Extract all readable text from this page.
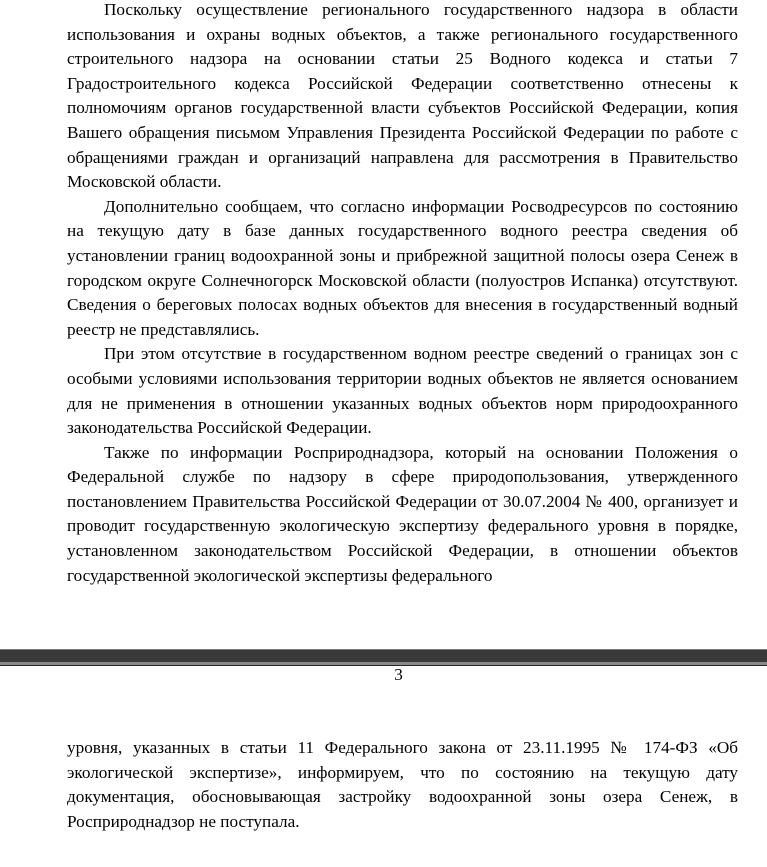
Поскольку осуществление регионального государственного надзора в области использования и охраны водных объектов, а также регионального государственного строительного надзора на основании статьи 25 Водного кодекса и статьи 7 Градостроительного кодекса Российской Федерации соответственно отнесены к полномочиям органов государственной власти субъектов Российской Федерации, копия Вашего обращения письмом Управления Президента Российской Федерации по работе с обращениями граждан и организаций направлена для рассмотрения в Правительство Московской области.

Дополнительно сообщаем, что согласно информации Росводресурсов по состоянию на текущую дату в базе данных государственного водного реестра сведения об установлении границ водоохранной зоны и прибрежной защитной полосы озера Сенеж в городском округе Солнечногорск Московской области (полуостров Испанка) отсутствуют. Сведения о береговых полосах водных объектов для внесения в государственный водный реестр не представлялись.

При этом отсутствие в государственном водном реестре сведений о границах зон с особыми условиями использования территории водных объектов не является основанием для не применения в отношении указанных водных объектов норм природоохранного законодательства Российской Федерации.

Также по информации Росприроднадзора, который на основании Положения о Федеральной службе по надзору в сфере природопользования, утвержденного постановлением Правительства Российской Федерации от 30.07.2004 № 400, организует и проводит государственную экологическую экспертизу федерального уровня в порядке, установленном законодательством Российской Федерации, в отношении объектов государственной экологической экспертизы федерального

3

уровня, указанных в статьи 11 Федерального закона от 23.11.1995 № 174-ФЗ «Об экологической экспертизе», информируем, что по состоянию на текущую дату документация, обосновывающая застройку водоохранной зоны озера Сенеж, в Росприроднадзор не поступала.
